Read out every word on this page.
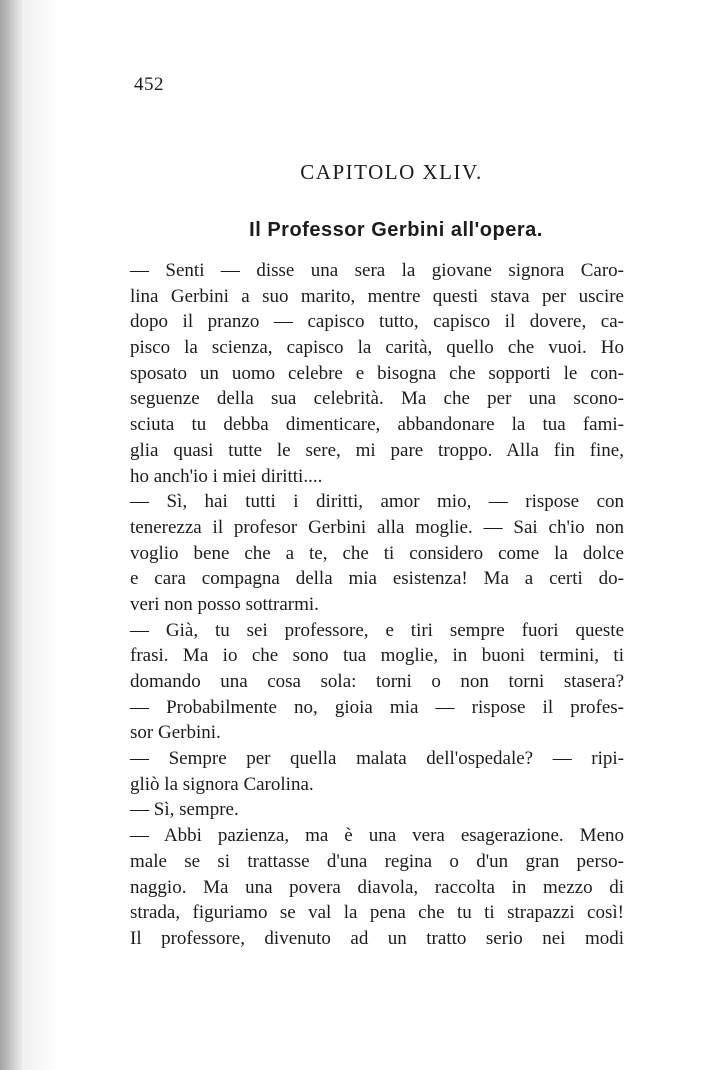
452
CAPITOLO XLIV.
Il Professor Gerbini all'opera.
— Senti — disse una sera la giovane signora Caro-
lina Gerbini a suo marito, mentre questi stava per uscire
dopo il pranzo — capisco tutto, capisco il dovere, ca-
pisco la scienza, capisco la carità, quello che vuoi. Ho
sposato un uomo celebre e bisogna che sopporti le con-
seguenze della sua celebrità. Ma che per una scono-
sciuta tu debba dimenticare, abbandonare la tua fami-
glia quasi tutte le sere, mi pare troppo. Alla fin fine,
ho anch'io i miei diritti....
— Sì, hai tutti i diritti, amor mio, — rispose con
tenerezza il profesor Gerbini alla moglie. — Sai ch'io non
voglio bene che a te, che ti considero come la dolce
e cara compagna della mia esistenza! Ma a certi do-
veri non posso sottrarmi.
— Già, tu sei professore, e tiri sempre fuori queste
frasi. Ma io che sono tua moglie, in buoni termini, ti
domando una cosa sola: torni o non torni stasera?
— Probabilmente no, gioia mia — rispose il profes-
sor Gerbini.
— Sempre per quella malata dell'ospedale? — ripi-
gliò la signora Carolina.
— Sì, sempre.
— Abbi pazienza, ma è una vera esagerazione. Meno
male se si trattasse d'una regina o d'un gran perso-
naggio. Ma una povera diavola, raccolta in mezzo di
strada, figuriamo se val la pena che tu ti strapazzi così!
Il professore, divenuto ad un tratto serio nei modi
